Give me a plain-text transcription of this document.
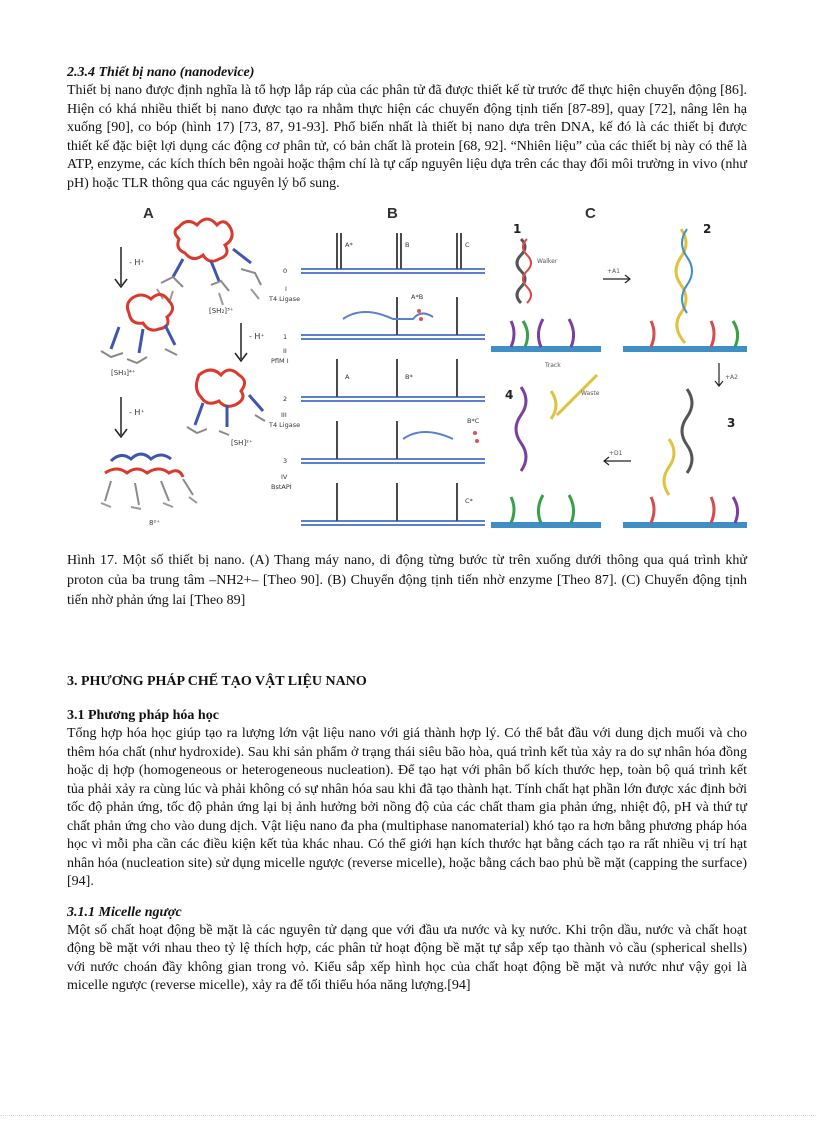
2.3.4 Thiết bị nano (nanodevice)

Thiết bị nano được định nghĩa là tổ hợp lắp ráp của các phân tử đã được thiết kế từ trước để thực hiện chuyển động [86]. Hiện có khá nhiều thiết bị nano được tạo ra nhằm thực hiện các chuyển động tịnh tiến [87-89], quay [72], nâng lên hạ xuống [90], co bóp (hình 17) [73, 87, 91-93]. Phổ biến nhất là thiết bị nano dựa trên DNA, kế đó là các thiết bị được thiết kế đặc biệt lợi dụng các động cơ phân tử, có bản chất là protein [68, 92]. “Nhiên liệu” của các thiết bị này có thể là ATP, enzyme, các kích thích bên ngoài hoặc thậm chí là tự cấp nguyên liệu dựa trên các thay đổi môi trường in vivo (như pH) hoặc TLR thông qua các nguyên lý bổ sung.

A
- H⁺
[SH₂]³⁺
[SH₃]⁴⁺
- H⁺
[SH]²⁺
- H⁺
8²⁺
B
A*	B	C
0
I
T4 Ligase	A*B
1
II
PflM I
A	B*
2
III
T4 Ligase	B*C
3
IV
BstAPI
C*
C
1	2
3
4
Walker
Track
+A1
+A2
+D1
Waste

Hình 17. Một số thiết bị nano. (A) Thang máy nano, di động từng bước từ trên xuống dưới thông qua quá trình khử proton của ba trung tâm –NH2+– [Theo 90]. (B) Chuyển động tịnh tiến nhờ enzyme [Theo 87]. (C) Chuyển động tịnh tiến nhờ phản ứng lai [Theo 89]

3. PHƯƠNG PHÁP CHẾ TẠO VẬT LIỆU NANO

3.1 Phương pháp hóa học

Tổng hợp hóa học giúp tạo ra lượng lớn vật liệu nano với giá thành hợp lý. Có thể bắt đầu với dung dịch muối và cho thêm hóa chất (như hydroxide). Sau khi sản phẩm ở trạng thái siêu bão hòa, quá trình kết tủa xảy ra do sự nhân hóa đồng hoặc dị hợp (homogeneous or heterogeneous nucleation). Để tạo hạt với phân bố kích thước hẹp, toàn bộ quá trình kết tủa phải xảy ra cùng lúc và phải không có sự nhân hóa sau khi đã tạo thành hạt. Tính chất hạt phần lớn được xác định bởi tốc độ phản ứng, tốc độ phản ứng lại bị ảnh hưởng bởi nồng độ của các chất tham gia phản ứng, nhiệt độ, pH và thứ tự chất phản ứng cho vào dung dịch. Vật liệu nano đa pha (multiphase nanomaterial) khó tạo ra hơn bằng phương pháp hóa học vì mỗi pha cần các điều kiện kết tủa khác nhau. Có thể giới hạn kích thước hạt bằng cách tạo ra rất nhiều vị trí hạt nhân hóa (nucleation site) sử dụng micelle ngược (reverse micelle), hoặc bằng cách bao phủ bề mặt (capping the surface) [94].

3.1.1 Micelle ngược

Một số chất hoạt động bề mặt là các nguyên tử dạng que với đầu ưa nước và kỵ nước. Khi trộn dầu, nước và chất hoạt động bề mặt với nhau theo tỷ lệ thích hợp, các phân tử hoạt động bề mặt tự sắp xếp tạo thành vỏ cầu (spherical shells) với nước choán đầy không gian trong vỏ. Kiểu sắp xếp hình học của chất hoạt động bề mặt và nước như vậy gọi là micelle ngược (reverse micelle), xảy ra để tối thiểu hóa năng lượng.[94]
